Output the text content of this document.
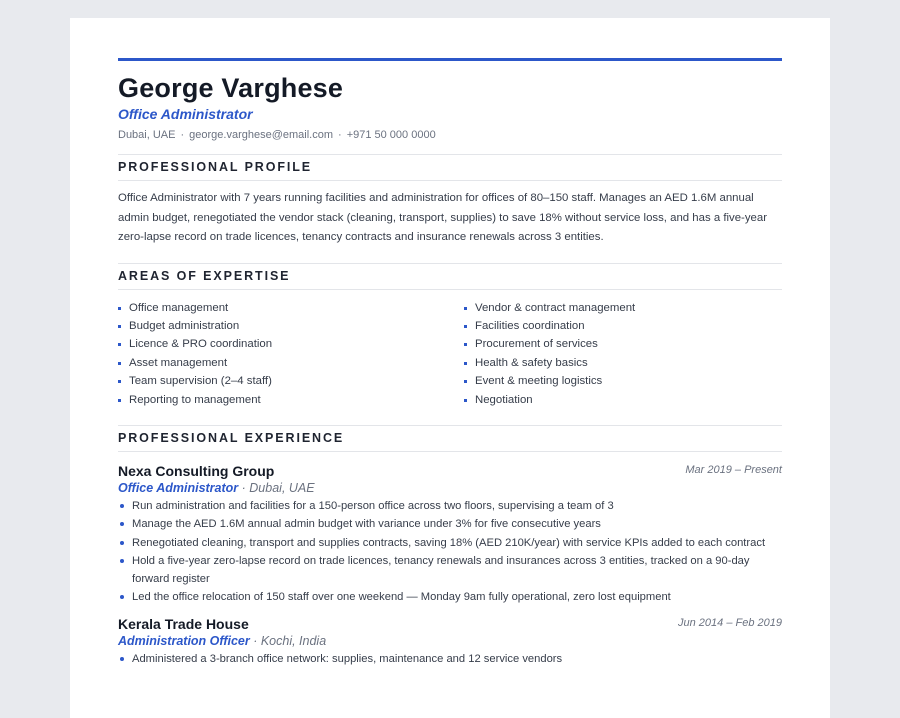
George Varghese
Office Administrator
Dubai, UAE · george.varghese@email.com · +971 50 000 0000
PROFESSIONAL PROFILE
Office Administrator with 7 years running facilities and administration for offices of 80–150 staff. Manages an AED 1.6M annual admin budget, renegotiated the vendor stack (cleaning, transport, supplies) to save 18% without service loss, and has a five-year zero-lapse record on trade licences, tenancy contracts and insurance renewals across 3 entities.
AREAS OF EXPERTISE
Office management	Vendor & contract management
Budget administration	Facilities coordination
Licence & PRO coordination	Procurement of services
Asset management	Health & safety basics
Team supervision (2–4 staff)	Event & meeting logistics
Reporting to management	Negotiation
PROFESSIONAL EXPERIENCE
Nexa Consulting Group	Mar 2019 – Present
Office Administrator · Dubai, UAE
Run administration and facilities for a 150-person office across two floors, supervising a team of 3
Manage the AED 1.6M annual admin budget with variance under 3% for five consecutive years
Renegotiated cleaning, transport and supplies contracts, saving 18% (AED 210K/year) with service KPIs added to each contract
Hold a five-year zero-lapse record on trade licences, tenancy renewals and insurances across 3 entities, tracked on a 90-day forward register
Led the office relocation of 150 staff over one weekend — Monday 9am fully operational, zero lost equipment
Kerala Trade House	Jun 2014 – Feb 2019
Administration Officer · Kochi, India
Administered a 3-branch office network: supplies, maintenance and 12 service vendors
